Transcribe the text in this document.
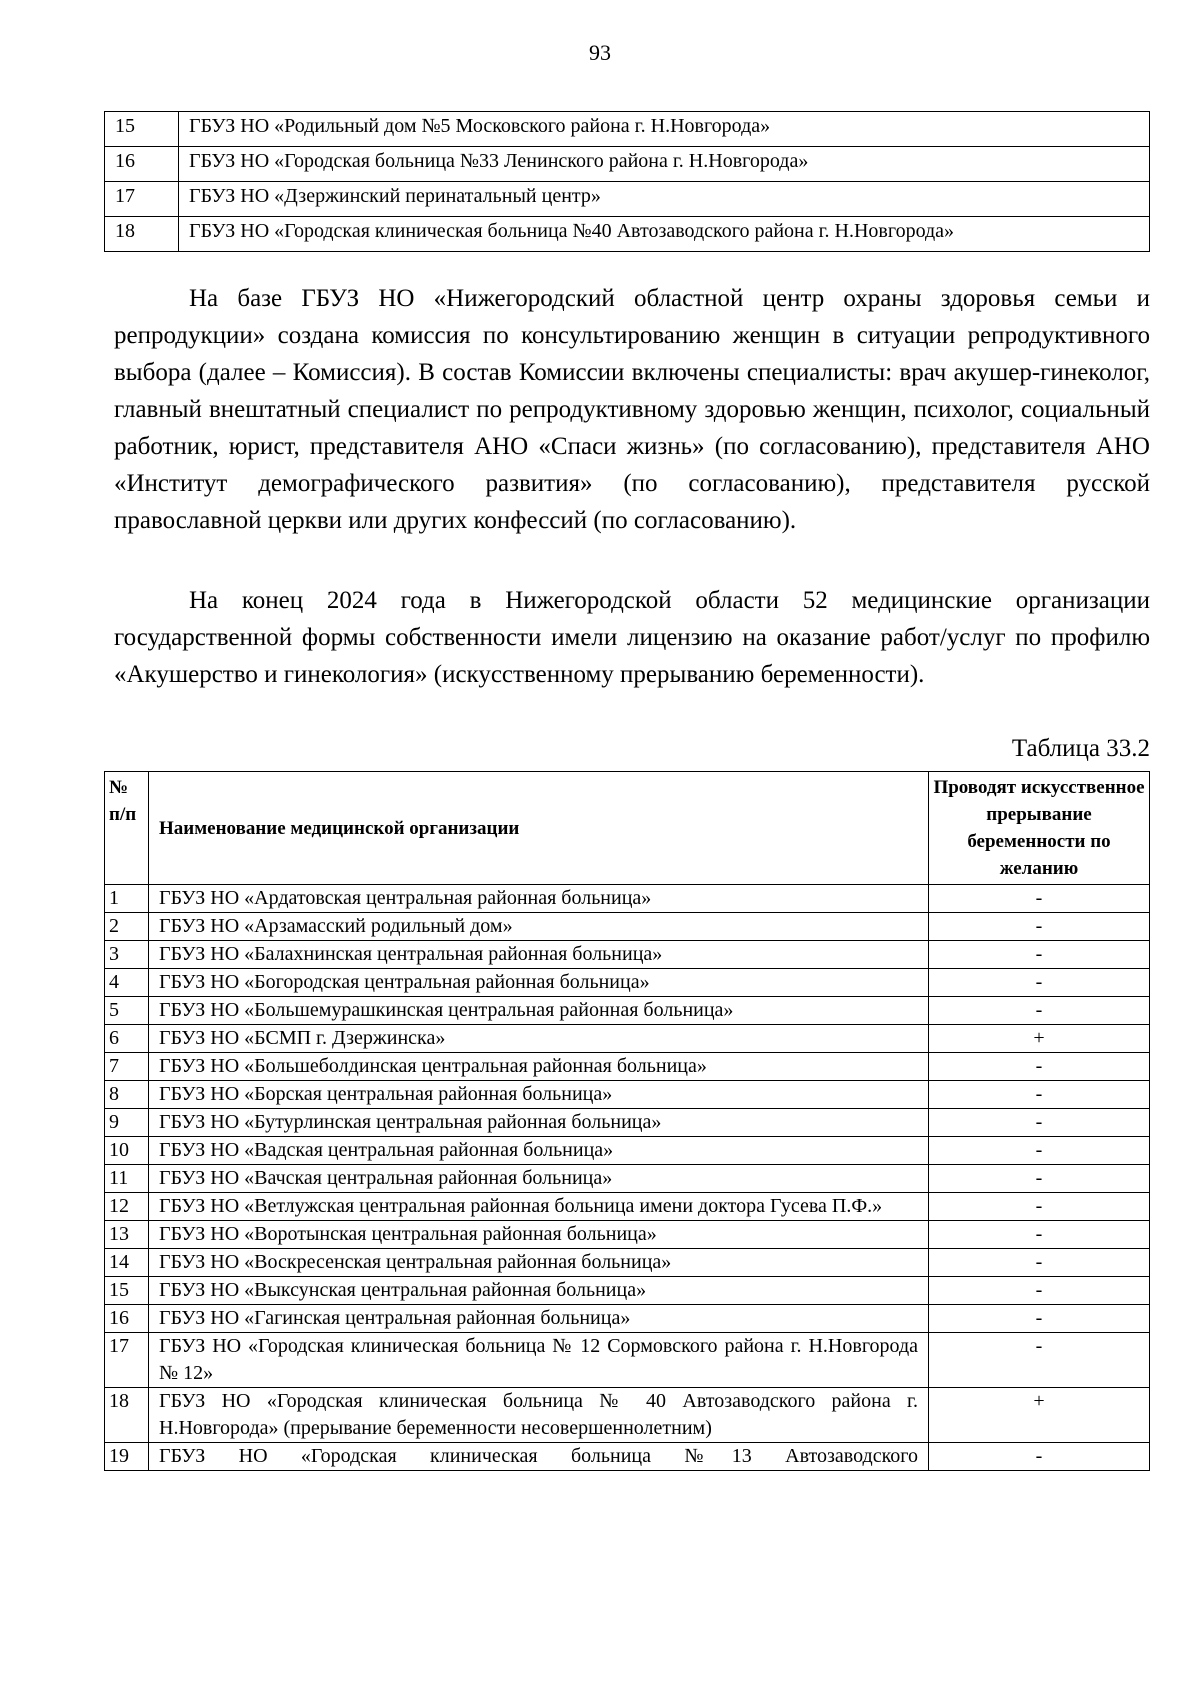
93
15	ГБУЗ НО «Родильный дом №5 Московского района г. Н.Новгорода»
16	ГБУЗ НО «Городская больница №33 Ленинского района г. Н.Новгорода»
17	ГБУЗ НО «Дзержинский перинатальный центр»
18	ГБУЗ НО «Городская клиническая больница №40 Автозаводского района г. Н.Новгорода»
На базе ГБУЗ НО «Нижегородский областной центр охраны здоровья семьи и репродукции» создана комиссия по консультированию женщин в ситуации репродуктивного выбора (далее – Комиссия). В состав Комиссии включены специалисты: врач акушер-гинеколог, главный внештатный специалист по репродуктивному здоровью женщин, психолог, социальный работник, юрист, представителя АНО «Спаси жизнь» (по согласованию), представителя АНО «Институт демографического развития» (по согласованию), представителя русской православной церкви или других конфессий (по согласованию).
На конец 2024 года в Нижегородской области 52 медицинские организации государственной формы собственности имели лицензию на оказание работ/услуг по профилю «Акушерство и гинекология» (искусственному прерыванию беременности).
Таблица 33.2
№ п/п	Наименование медицинской организации	Проводят искусственное прерывание беременности по желанию
1	ГБУЗ НО «Ардатовская центральная районная больница»	-
2	ГБУЗ НО «Арзамасский родильный дом»	-
3	ГБУЗ НО «Балахнинская центральная районная больница»	-
4	ГБУЗ НО «Богородская центральная районная больница»	-
5	ГБУЗ НО «Большемурашкинская центральная районная больница»	-
6	ГБУЗ НО «БСМП г. Дзержинска»	+
7	ГБУЗ НО «Большеболдинская центральная районная больница»	-
8	ГБУЗ НО «Борская центральная районная больница»	-
9	ГБУЗ НО «Бутурлинская центральная районная больница»	-
10	ГБУЗ НО «Вадская центральная районная больница»	-
11	ГБУЗ НО «Вачская центральная районная больница»	-
12	ГБУЗ НО «Ветлужская центральная районная больница имени доктора Гусева П.Ф.»	-
13	ГБУЗ НО «Воротынская центральная районная больница»	-
14	ГБУЗ НО «Воскресенская центральная районная больница»	-
15	ГБУЗ НО «Выксунская центральная районная больница»	-
16	ГБУЗ НО «Гагинская центральная районная больница»	-
17	ГБУЗ НО «Городская клиническая больница № 12 Сормовского района г. Н.Новгорода № 12»	-
18	ГБУЗ НО «Городская клиническая больница № 40 Автозаводского района г. Н.Новгорода» (прерывание беременности несовершеннолетним)	+
19	ГБУЗ НО «Городская клиническая больница №13 Автозаводского	-
